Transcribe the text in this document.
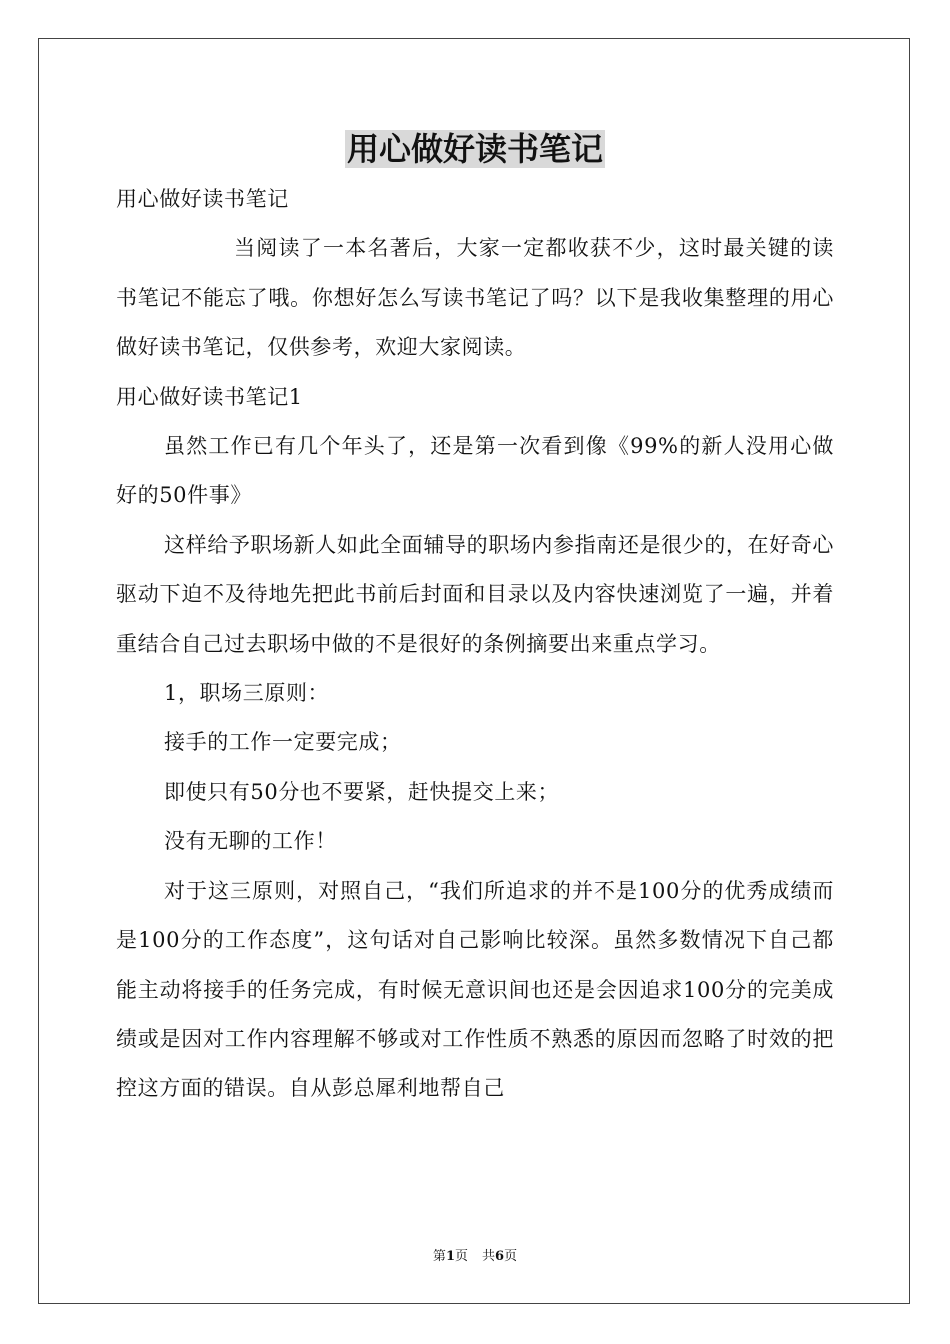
用心做好读书笔记

用心做好读书笔记

当阅读了一本名著后，大家一定都收获不少，这时最关键的读书笔记不能忘了哦。你想好怎么写读书笔记了吗？以下是我收集整理的用心做好读书笔记，仅供参考，欢迎大家阅读。

用心做好读书笔记1

虽然工作已有几个年头了，还是第一次看到像《99%的新人没用心做好的50件事》

这样给予职场新人如此全面辅导的职场内参指南还是很少的，在好奇心驱动下迫不及待地先把此书前后封面和目录以及内容快速浏览了一遍，并着重结合自己过去职场中做的不是很好的条例摘要出来重点学习。

1，职场三原则：

接手的工作一定要完成；

即使只有50分也不要紧，赶快提交上来；

没有无聊的工作！

对于这三原则，对照自己，“我们所追求的并不是100分的优秀成绩而是100分的工作态度”，这句话对自己影响比较深。虽然多数情况下自己都能主动将接手的任务完成，有时候无意识间也还是会因追求100分的完美成绩或是因对工作内容理解不够或对工作性质不熟悉的原因而忽略了时效的把控这方面的错误。自从彭总犀利地帮自己

第1页 共6页
